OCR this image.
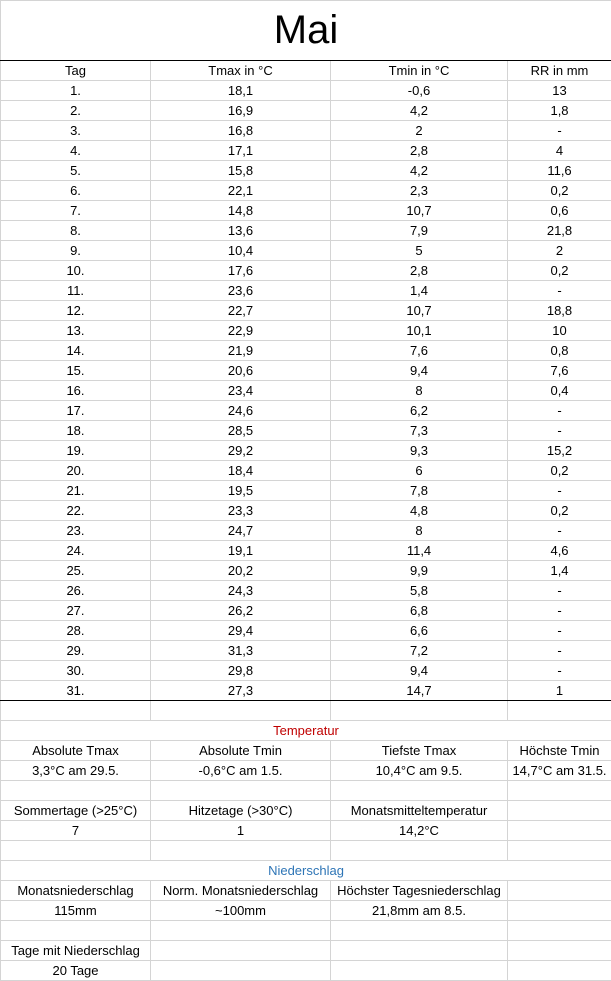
Mai			
Tag	Tmax in °C	Tmin in °C	RR in mm
1.	18,1	-0,6	13
2.	16,9	4,2	1,8
3.	16,8	2	-
4.	17,1	2,8	4
5.	15,8	4,2	11,6
6.	22,1	2,3	0,2
7.	14,8	10,7	0,6
8.	13,6	7,9	21,8
9.	10,4	5	2
10.	17,6	2,8	0,2
11.	23,6	1,4	-
12.	22,7	10,7	18,8
13.	22,9	10,1	10
14.	21,9	7,6	0,8
15.	20,6	9,4	7,6
16.	23,4	8	0,4
17.	24,6	6,2	-
18.	28,5	7,3	-
19.	29,2	9,3	15,2
20.	18,4	6	0,2
21.	19,5	7,8	-
22.	23,3	4,8	0,2
23.	24,7	8	-
24.	19,1	11,4	4,6
25.	20,2	9,9	1,4
26.	24,3	5,8	-
27.	26,2	6,8	-
28.	29,4	6,6	-
29.	31,3	7,2	-
30.	29,8	9,4	-
31.	27,3	14,7	1

Temperatur			
Absolute Tmax	Absolute Tmin	Tiefste Tmax	Höchste Tmin
3,3°C am 29.5.	-0,6°C am 1.5.	10,4°C am 9.5.	14,7°C am 31.5.

Sommertage (>25°C)	Hitzetage (>30°C)	Monatsmitteltemperatur	
7	1	14,2°C	

Niederschlag			
Monatsniederschlag	Norm. Monatsniederschlag	Höchster Tagesniederschlag	
115mm	~100mm	21,8mm am 8.5.	

Tage mit Niederschlag			
20 Tage			
